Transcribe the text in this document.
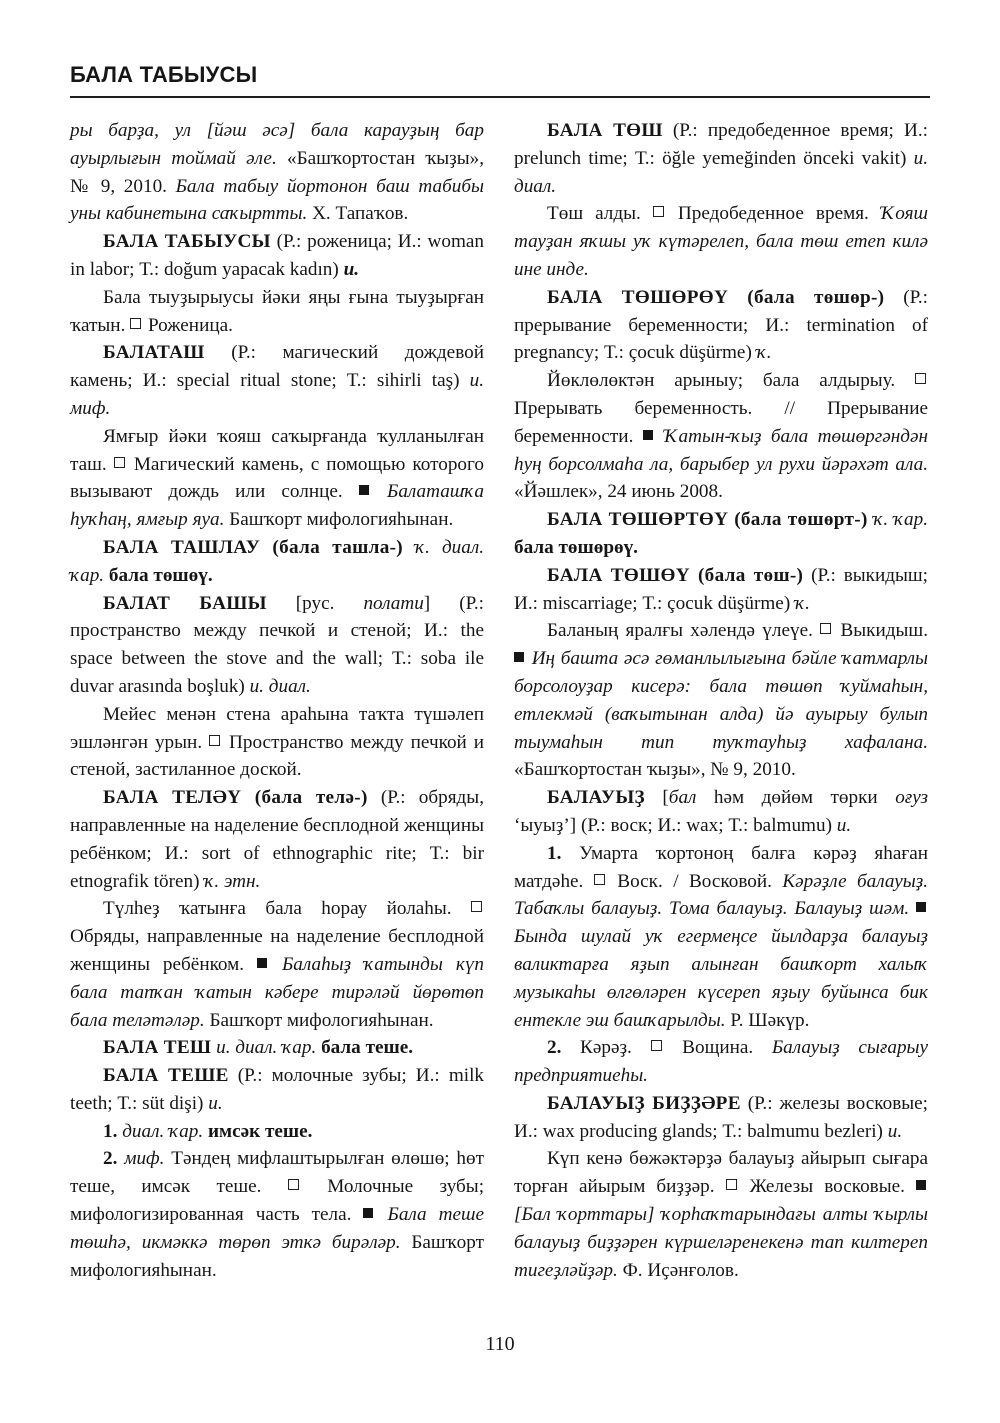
БАЛА ТАБЫУСЫ

ры барҙа, ул [йәш әсә] бала карауҙың бар ауырлығын тоймай әле. «Башҡортостан ҡыҙы», № 9, 2010. Бала табыу йортонон баш табибы уны кабинетына саҡыртты. Х. Тапаҡов.

БАЛА ТАБЫУСЫ (Р.: роженица; И.: woman in labor; Т.: doğum yapacak kadın) и.

Бала тыуҙырыусы йәки яңы ғына тыуҙырған ҡатын. Роженица.

БАЛАТАШ (Р.: магический дождевой камень; И.: special ritual stone; Т.: sihirli taş) и. миф.

Ямғыр йәки ҡояш саҡырғанда ҡулланылған таш. Магический камень, с помощью которого вызывают дождь или солнце. Балаташҡа һуҡһаң, ямғыр яуа. Башҡорт мифологияһынан.

БАЛА ТАШЛАУ (бала ташла-) ҡ. диал. ҡар. бала төшөү.

БАЛАТ БАШЫ [рус. полати] (Р.: пространство между печкой и стеной; И.: the space between the stove and the wall; Т.: soba ile duvar arasında boşluk) и. диал.

Мейес менән стена араһына таҡта түшәлеп эшләнгән урын. Пространство между печкой и стеной, застиланное доской.

БАЛА ТЕЛӘҮ (бала телә-) (Р.: обряды, направленные на наделение бесплодной женщины ребёнком; И.: sort of ethnographic rite; Т.: bir etnografik tören) ҡ. этн.

Түлһеҙ ҡатынға бала һорау йолаһы.  Обряды, направленные на наделение бесплодной женщины ребёнком. Балаһыҙ ҡатынды күп бала тапҡан ҡатын кәбере тирәләй йөрөтөп бала теләтәләр. Башҡорт мифологияһынан.

БАЛА ТЕШ и. диал. ҡар. бала теше.

БАЛА ТЕШЕ (Р.: молочные зубы; И.: milk teeth; Т.: süt dişi) и.

1. диал. ҡар. имсәк теше.

2. миф. Тәндең мифлаштырылған өлөшө; һөт теше, имсәк теше.	Молочные зубы; мифологизированная часть тела. Бала теше төшһә, икмәккә төрөп эткә бирәләр. Башҡорт мифологияһынан.

БАЛА ТӨШ (Р.: предобеденное время; И.: prelunch time; Т.: öğle yemeğinden önceki vakit) и. диал.

Төш алды. Предобеденное время. Ҡояш тауҙан яҡшы уҡ күтәрелеп, бала төш етеп килә ине инде.

БАЛА ТӨШӨРӨҮ (бала төшөр-) (Р.: прерывание беременности; И.: termination of pregnancy; Т.: çocuk düşürme) ҡ.

Йөклөлөктән арыныу; бала алдырыу.  Прерывать беременность. // Прерывание беременности. Ҡатын-ҡыҙ бала төшөргәндән һуң борсолмаһа ла, барыбер ул рухи йәрәхәт ала. «Йәшлек», 24 июнь 2008.

БАЛА ТӨШӨРТӨҮ (бала төшөрт-) ҡ. ҡар. бала төшөрөү.

БАЛА ТӨШӨҮ (бала төш-) (Р.: выкидыш; И.: miscarriage; Т.: çocuk düşürme) ҡ.

Баланың яралғы хәлендә үлеүе. Выкидыш.  Иң башта әсә гөманлылығына бәйле ҡатмарлы борсолоуҙар кисерә: бала төшөп ҡуймаһын, етлекмәй (ваҡытынан алда) йә ауырыу булып тыумаһын тип туҡтауһыҙ хафалана. «Башҡортостан ҡыҙы», № 9, 2010.

БАЛАУЫҘ [бал һәм дөйөм төрки оғуз ‘ыуыҙ’] (Р.: воск; И.: wax; Т.: balmumu) и.

1. Умарта ҡортоноң балға кәрәҙ яһаған матдәһе. Воск. / Восковой. Кәрәҙле балауыҙ. Табаҡлы балауыҙ. Тома балауыҙ. Балауыҙ шәм.  Бында шулай уҡ егермеңсе йылдарҙа балауыҙ валиктарға яҙып алынған башҡорт халыҡ музыкаһы өлгөләрен күсереп яҙыу буйынса бик ентекле эш башҡарылды. Р. Шәкүр.

2. Кәрәҙ.	Вощина. Балауыҙ сығарыу предприятиеһы.

БАЛАУЫҘ БИҘҘӘРЕ (Р.: железы восковые; И.: wax producing glands; Т.: balmumu bezleri) и.

Күп кенә бөжәктәрҙә балауыҙ айырып сығара торған айырым биҙҙәр. Железы восковые.  [Бал ҡорттары] ҡорһаҡтарындағы алты ҡырлы балауыҙ биҙҙәрен күршеләренекенә тап килтереп тигеҙләйҙәр. Ф. Иҫәнғолов.

110
